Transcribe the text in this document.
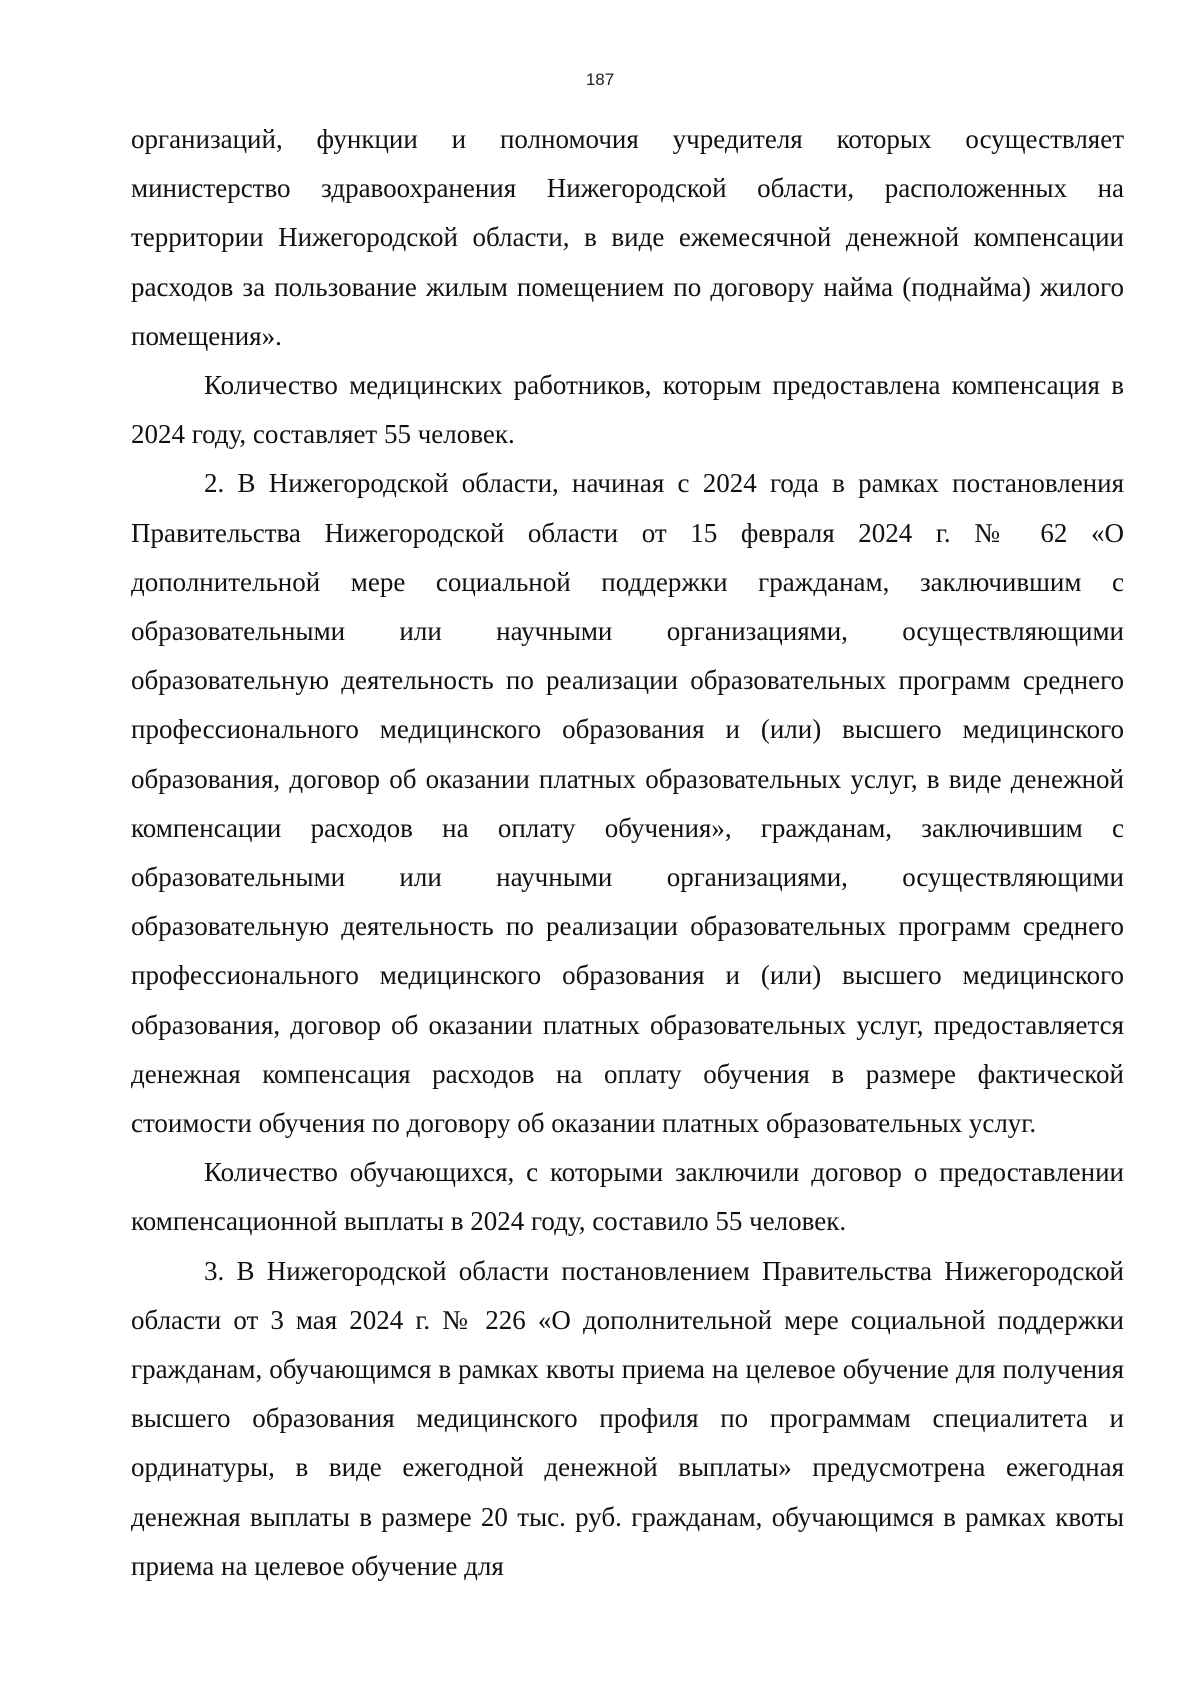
187

организаций, функции и полномочия учредителя которых осуществляет министерство здравоохранения Нижегородской области, расположенных на территории Нижегородской области, в виде ежемесячной денежной компенсации расходов за пользование жилым помещением по договору найма (поднайма) жилого помещения».

Количество медицинских работников, которым предоставлена компенсация в 2024 году, составляет 55 человек.

2. В Нижегородской области, начиная с 2024 года в рамках постановления Правительства Нижегородской области от 15 февраля 2024 г. № 62 «О дополнительной мере социальной поддержки гражданам, заключившим с образовательными или научными организациями, осуществляющими образовательную деятельность по реализации образовательных программ среднего профессионального медицинского образования и (или) высшего медицинского образования, договор об оказании платных образовательных услуг, в виде денежной компенсации расходов на оплату обучения», гражданам, заключившим с образовательными или научными организациями, осуществляющими образовательную деятельность по реализации образовательных программ среднего профессионального медицинского образования и (или) высшего медицинского образования, договор об оказании платных образовательных услуг, предоставляется денежная компенсация расходов на оплату обучения в размере фактической стоимости обучения по договору об оказании платных образовательных услуг.

Количество обучающихся, с которыми заключили договор о предоставлении компенсационной выплаты в 2024 году, составило 55 человек.

3. В Нижегородской области постановлением Правительства Нижегородской области от 3 мая 2024 г. № 226 «О дополнительной мере социальной поддержки гражданам, обучающимся в рамках квоты приема на целевое обучение для получения высшего образования медицинского профиля по программам специалитета и ординатуры, в виде ежегодной денежной выплаты» предусмотрена ежегодная денежная выплаты в размере 20 тыс. руб. гражданам, обучающимся в рамках квоты приема на целевое обучение для
